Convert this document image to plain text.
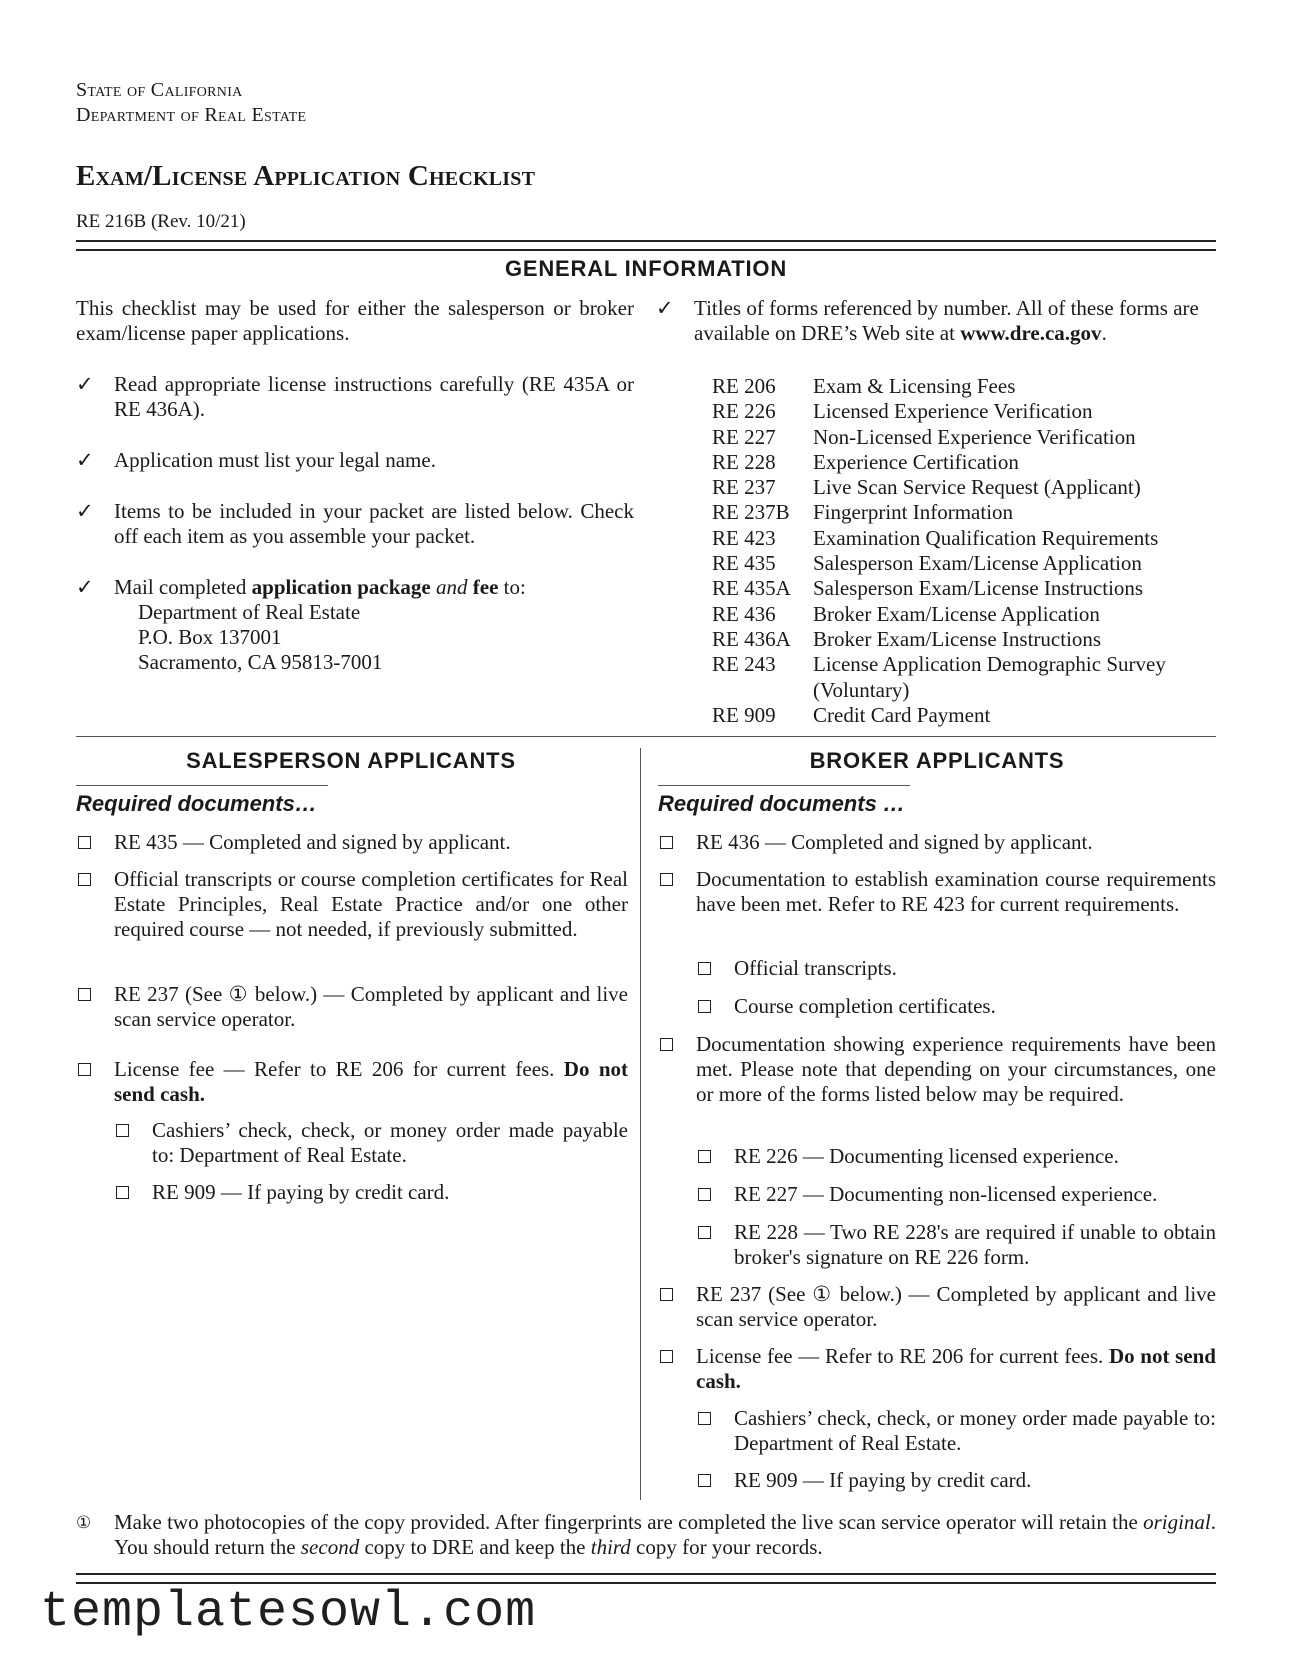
State of California
Department of Real Estate
Exam/License Application Checklist
RE 216B (Rev. 10/21)
GENERAL INFORMATION
This checklist may be used for either the salesperson or broker exam/license paper applications.
✓ Read appropriate license instructions carefully (RE 435A or RE 436A).
✓ Application must list your legal name.
✓ Items to be included in your packet are listed below. Check off each item as you assemble your packet.
✓ Mail completed application package and fee to:
Department of Real Estate
P.O. Box 137001
Sacramento, CA 95813-7001
✓ Titles of forms referenced by number. All of these forms are available on DRE’s Web site at www.dre.ca.gov.
RE 206	Exam & Licensing Fees
RE 226	Licensed Experience Verification
RE 227	Non-Licensed Experience Verification
RE 228	Experience Certification
RE 237	Live Scan Service Request (Applicant)
RE 237B	Fingerprint Information
RE 423	Examination Qualification Requirements
RE 435	Salesperson Exam/License Application
RE 435A	Salesperson Exam/License Instructions
RE 436	Broker Exam/License Application
RE 436A	Broker Exam/License Instructions
RE 243	License Application Demographic Survey (Voluntary)
RE 909	Credit Card Payment
SALESPERSON APPLICANTS
Required documents…
RE 435 — Completed and signed by applicant.
Official transcripts or course completion certificates for Real Estate Principles, Real Estate Practice and/or one other required course — not needed, if previously submitted.
RE 237 (See ① below.) — Completed by applicant and live scan service operator.
License fee — Refer to RE 206 for current fees. Do not send cash.
Cashiers’ check, check, or money order made payable to: Department of Real Estate.
RE 909 — If paying by credit card.
BROKER APPLICANTS
Required documents …
RE 436 — Completed and signed by applicant.
Documentation to establish examination course requirements have been met. Refer to RE 423 for current requirements.
Official transcripts.
Course completion certificates.
Documentation showing experience requirements have been met. Please note that depending on your circumstances, one or more of the forms listed below may be required.
RE 226 — Documenting licensed experience.
RE 227 — Documenting non-licensed experience.
RE 228 — Two RE 228's are required if unable to obtain broker's signature on RE 226 form.
RE 237 (See ① below.) — Completed by applicant and live scan service operator.
License fee — Refer to RE 206 for current fees. Do not send cash.
Cashiers’ check, check, or money order made payable to: Department of Real Estate.
RE 909 — If paying by credit card.
①	Make two photocopies of the copy provided. After fingerprints are completed the live scan service operator will retain the original. You should return the second copy to DRE and keep the third copy for your records.
templatesowl.com
